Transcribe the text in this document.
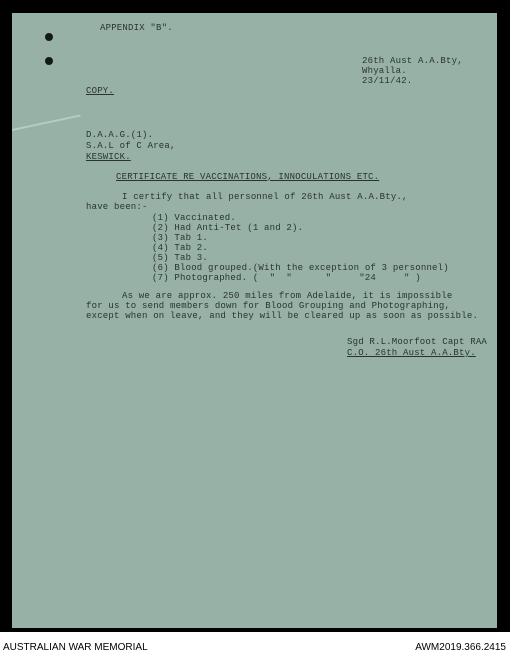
APPENDIX "B".
26th Aust A.A.Bty,
Whyalla.
23/11/42.
COPY.
D.A.A.G.(1).
S.A.L of C Area,
KESWICK.
CERTIFICATE RE VACCINATIONS, INNOCULATIONS ETC.
I certify that all personnel of 26th Aust A.A.Bty.,
have been:-
(1) Vaccinated.
(2) Had Anti-Tet (1 and 2).
(3) Tab 1.
(4) Tab 2.
(5) Tab 3.
(6) Blood grouped.(With the exception of 3 personnel)
(7) Photographed. (  "  "      "     "24     " )
As we are approx. 250 miles from Adelaide, it is impossible
for us to send members down for Blood Grouping and Photographing,
except when on leave, and they will be cleared up as soon as possible.
Sgd R.L.Moorfoot Capt RAA
C.O. 26th Aust A.A.Bty.
AUSTRALIAN WAR MEMORIAL	AWM2019.366.2415
